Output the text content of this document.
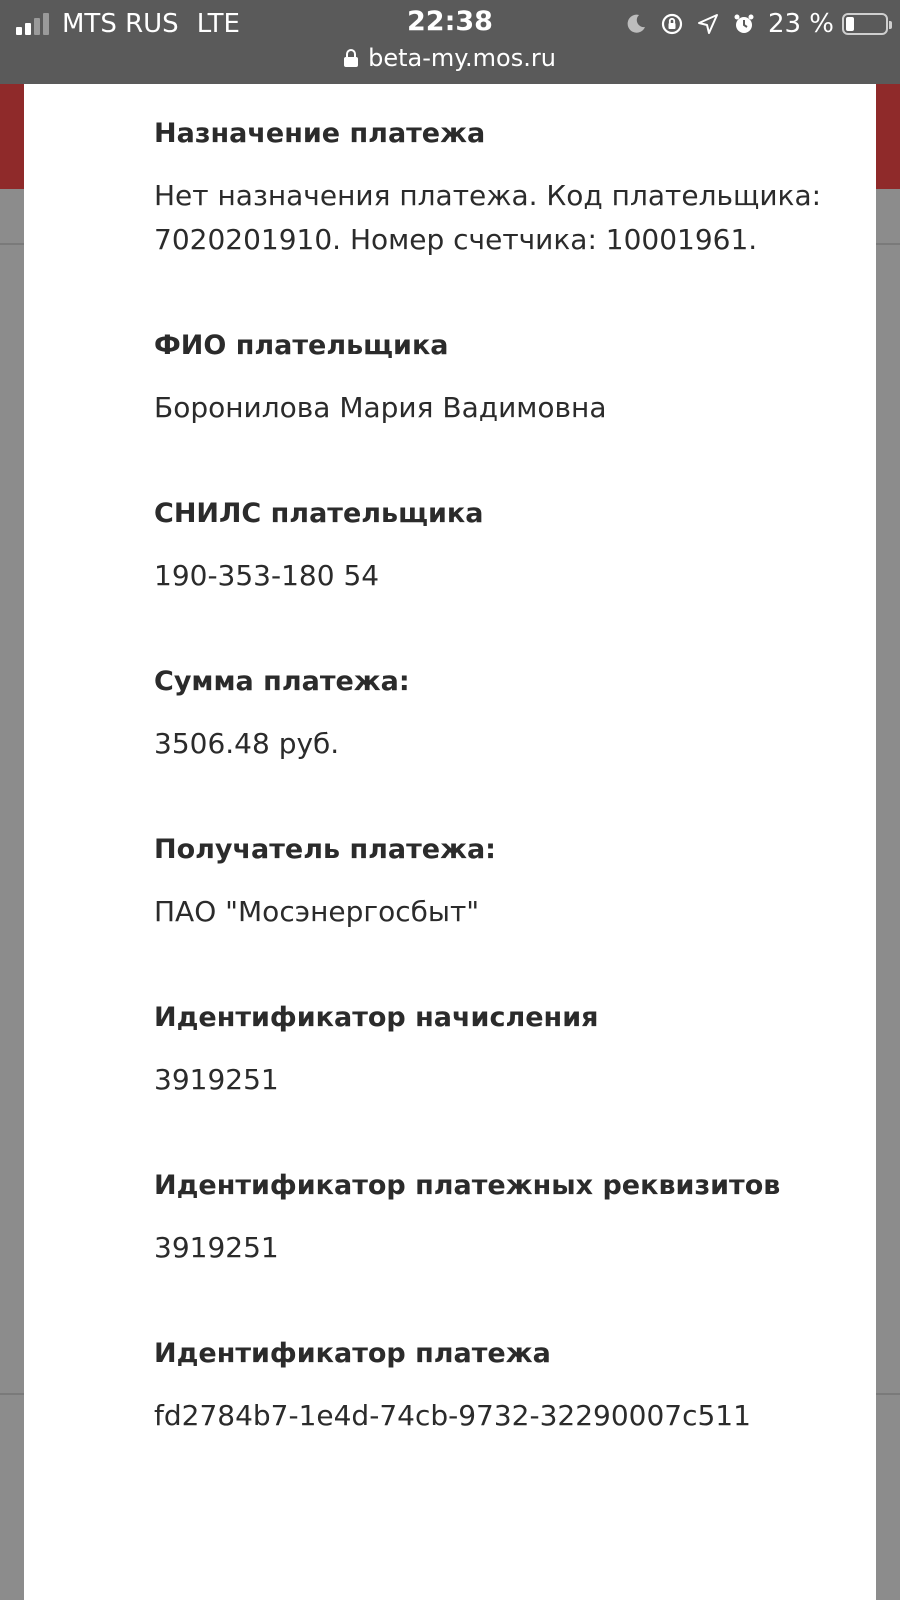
MTS RUS LTE	22:38	23 %
beta-my.mos.ru
Назначение платежа
Нет назначения платежа. Код плательщика: 7020201910. Номер счетчика: 10001961.
ФИО плательщика
Боронилова Мария Вадимовна
СНИЛС плательщика
190-353-180 54
Сумма платежа:
3506.48 руб.
Получатель платежа:
ПАО "Мосэнергосбыт"
Идентификатор начисления
3919251
Идентификатор платежных реквизитов
3919251
Идентификатор платежа
fd2784b7-1e4d-74cb-9732-32290007c511
